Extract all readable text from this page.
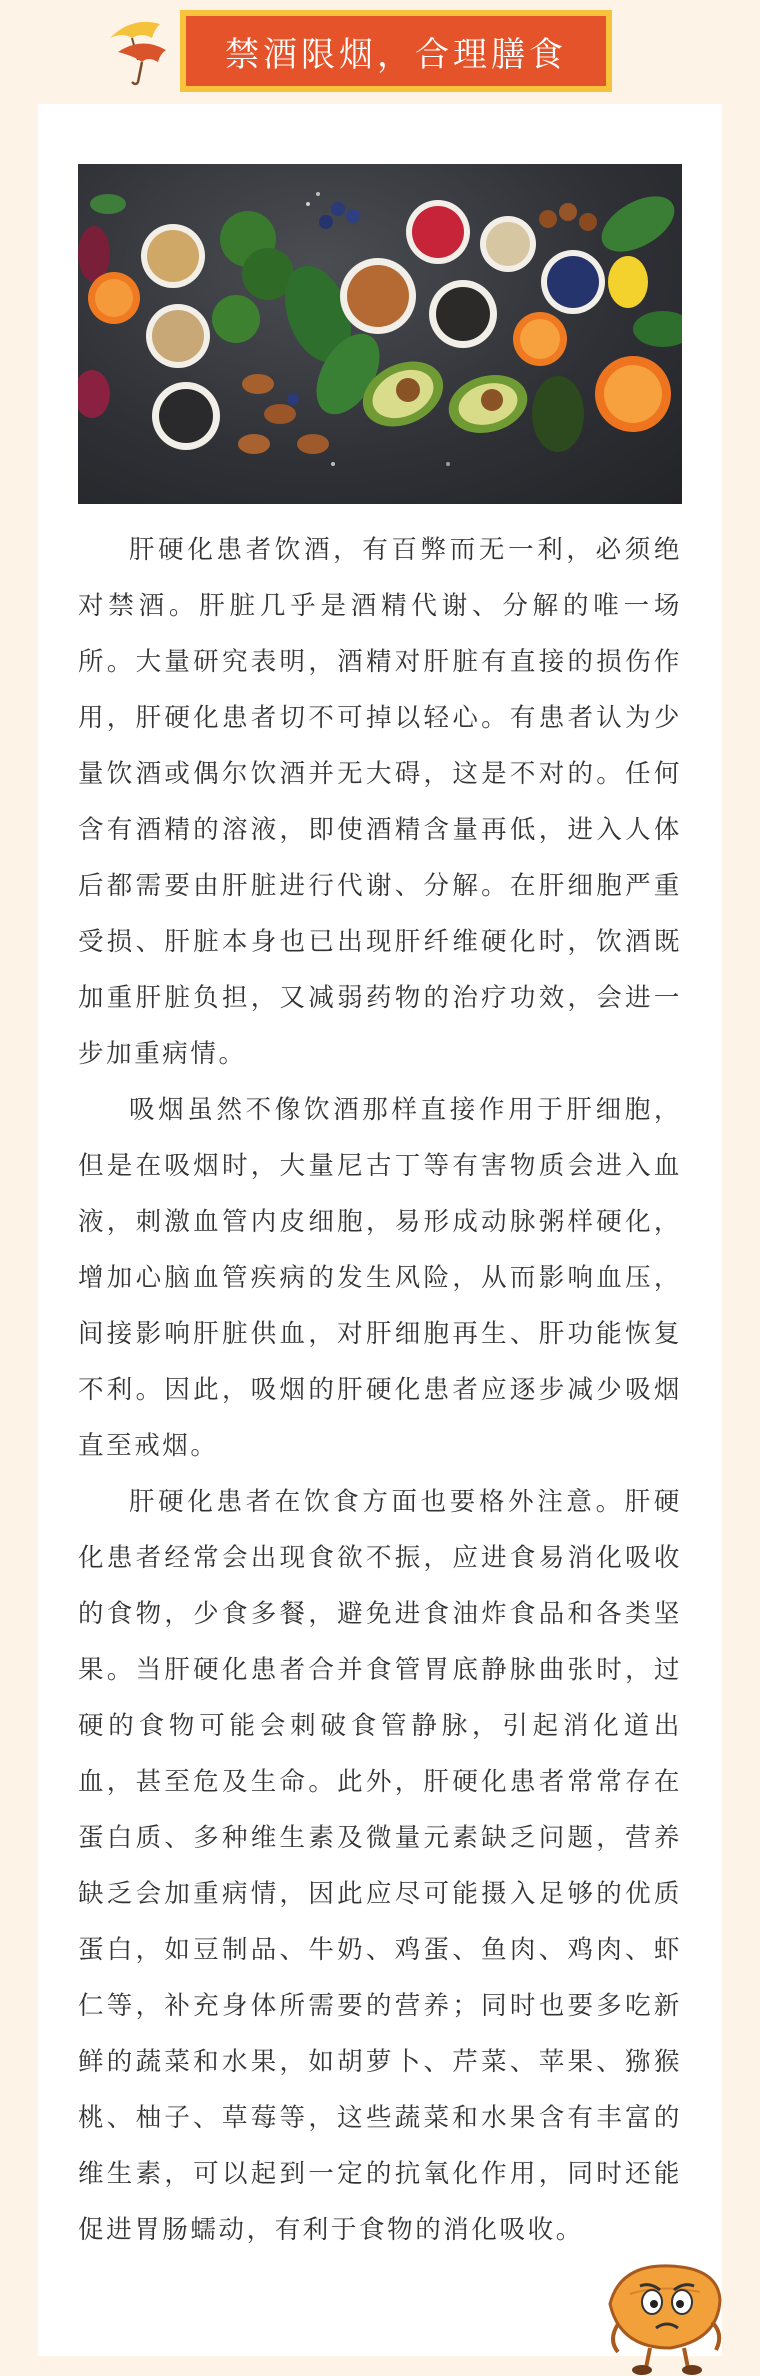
禁酒限烟，合理膳食

肝硬化患者饮酒，有百弊而无一利，必须绝对禁酒。肝脏几乎是酒精代谢、分解的唯一场所。大量研究表明，酒精对肝脏有直接的损伤作用，肝硬化患者切不可掉以轻心。有患者认为少量饮酒或偶尔饮酒并无大碍，这是不对的。任何含有酒精的溶液，即使酒精含量再低，进入人体后都需要由肝脏进行代谢、分解。在肝细胞严重受损、肝脏本身也已出现肝纤维硬化时，饮酒既加重肝脏负担，又减弱药物的治疗功效，会进一步加重病情。

吸烟虽然不像饮酒那样直接作用于肝细胞，但是在吸烟时，大量尼古丁等有害物质会进入血液，刺激血管内皮细胞，易形成动脉粥样硬化，增加心脑血管疾病的发生风险，从而影响血压，间接影响肝脏供血，对肝细胞再生、肝功能恢复不利。因此，吸烟的肝硬化患者应逐步减少吸烟直至戒烟。

肝硬化患者在饮食方面也要格外注意。肝硬化患者经常会出现食欲不振，应进食易消化吸收的食物，少食多餐，避免进食油炸食品和各类坚果。当肝硬化患者合并食管胃底静脉曲张时，过硬的食物可能会刺破食管静脉，引起消化道出血，甚至危及生命。此外，肝硬化患者常常存在蛋白质、多种维生素及微量元素缺乏问题，营养缺乏会加重病情，因此应尽可能摄入足够的优质蛋白，如豆制品、牛奶、鸡蛋、鱼肉、鸡肉、虾仁等，补充身体所需要的营养；同时也要多吃新鲜的蔬菜和水果，如胡萝卜、芹菜、苹果、猕猴桃、柚子、草莓等，这些蔬菜和水果含有丰富的维生素，可以起到一定的抗氧化作用，同时还能促进胃肠蠕动，有利于食物的消化吸收。
